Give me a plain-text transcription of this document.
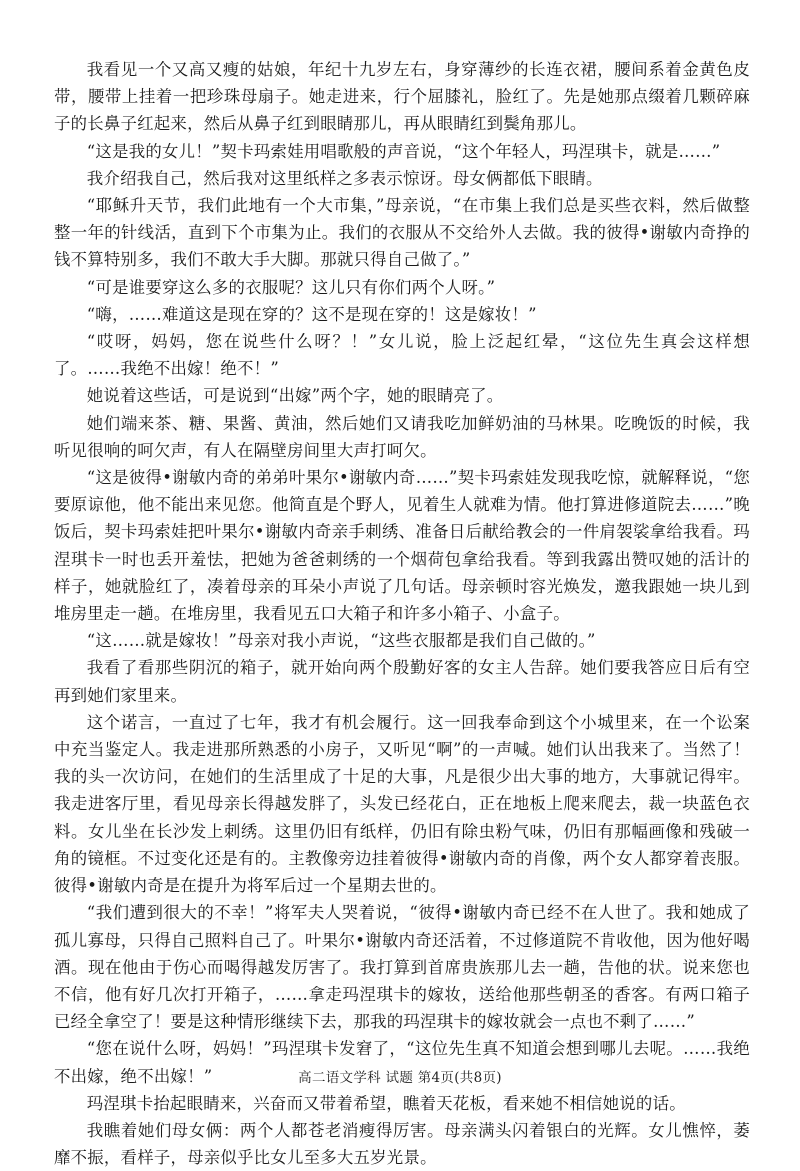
我看见一个又高又瘦的姑娘，年纪十九岁左右，身穿薄纱的长连衣裙，腰间系着金黄色皮带，腰带上挂着一把珍珠母扇子。她走进来，行个屈膝礼，脸红了。先是她那点缀着几颗碎麻子的长鼻子红起来，然后从鼻子红到眼睛那儿，再从眼睛红到鬓角那儿。

“这是我的女儿！”契卡玛索娃用唱歌般的声音说，“这个年轻人，玛涅琪卡，就是……”

我介绍我自己，然后我对这里纸样之多表示惊讶。母女俩都低下眼睛。

“耶稣升天节，我们此地有一个大市集，”母亲说，“在市集上我们总是买些衣料，然后做整整一年的针线活，直到下个市集为止。我们的衣服从不交给外人去做。我的彼得•谢敏内奇挣的钱不算特别多，我们不敢大手大脚。那就只得自己做了。”

“可是谁要穿这么多的衣服呢？这儿只有你们两个人呀。”

“嗨，……难道这是现在穿的？这不是现在穿的！这是嫁妆！”

“哎呀，妈妈，您在说些什么呀？！”女儿说，脸上泛起红晕，“这位先生真会这样想了。……我绝不出嫁！绝不！”

她说着这些话，可是说到“出嫁”两个字，她的眼睛亮了。

她们端来茶、糖、果酱、黄油，然后她们又请我吃加鲜奶油的马林果。吃晚饭的时候，我听见很响的呵欠声，有人在隔壁房间里大声打呵欠。

“这是彼得•谢敏内奇的弟弟叶果尔•谢敏内奇……”契卡玛索娃发现我吃惊，就解释说，“您要原谅他，他不能出来见您。他简直是个野人，见着生人就难为情。他打算进修道院去……”晚饭后，契卡玛索娃把叶果尔•谢敏内奇亲手刺绣、准备日后献给教会的一件肩袈裟拿给我看。玛涅琪卡一时也丢开羞怯，把她为爸爸刺绣的一个烟荷包拿给我看。等到我露出赞叹她的活计的样子，她就脸红了，凑着母亲的耳朵小声说了几句话。母亲顿时容光焕发，邀我跟她一块儿到堆房里走一趟。在堆房里，我看见五口大箱子和许多小箱子、小盒子。

“这……就是嫁妆！”母亲对我小声说，“这些衣服都是我们自己做的。”

我看了看那些阴沉的箱子，就开始向两个殷勤好客的女主人告辞。她们要我答应日后有空再到她们家里来。

这个诺言，一直过了七年，我才有机会履行。这一回我奉命到这个小城里来，在一个讼案中充当鉴定人。我走进那所熟悉的小房子，又听见“啊”的一声喊。她们认出我来了。当然了！我的头一次访问，在她们的生活里成了十足的大事，凡是很少出大事的地方，大事就记得牢。我走进客厅里，看见母亲长得越发胖了，头发已经花白，正在地板上爬来爬去，裁一块蓝色衣料。女儿坐在长沙发上刺绣。这里仍旧有纸样，仍旧有除虫粉气味，仍旧有那幅画像和残破一角的镜框。不过变化还是有的。主教像旁边挂着彼得•谢敏内奇的肖像，两个女人都穿着丧服。彼得•谢敏内奇是在提升为将军后过一个星期去世的。

“我们遭到很大的不幸！”将军夫人哭着说，“彼得•谢敏内奇已经不在人世了。我和她成了孤儿寡母，只得自己照料自己了。叶果尔•谢敏内奇还活着，不过修道院不肯收他，因为他好喝酒。现在他由于伤心而喝得越发厉害了。我打算到首席贵族那儿去一趟，告他的状。说来您也不信，他有好几次打开箱子，……拿走玛涅琪卡的嫁妆，送给他那些朝圣的香客。有两口箱子已经全拿空了！要是这种情形继续下去，那我的玛涅琪卡的嫁妆就会一点也不剩了……”

“您在说什么呀，妈妈！”玛涅琪卡发窘了，“这位先生真不知道会想到哪儿去呢。……我绝不出嫁，绝不出嫁！”

玛涅琪卡抬起眼睛来，兴奋而又带着希望，瞧着天花板，看来她不相信她说的话。

我瞧着她们母女俩：两个人都苍老消瘦得厉害。母亲满头闪着银白的光辉。女儿憔悴，萎靡不振，看样子，母亲似乎比女儿至多大五岁光景。

高二语文学科 试题 第4页(共8页)
